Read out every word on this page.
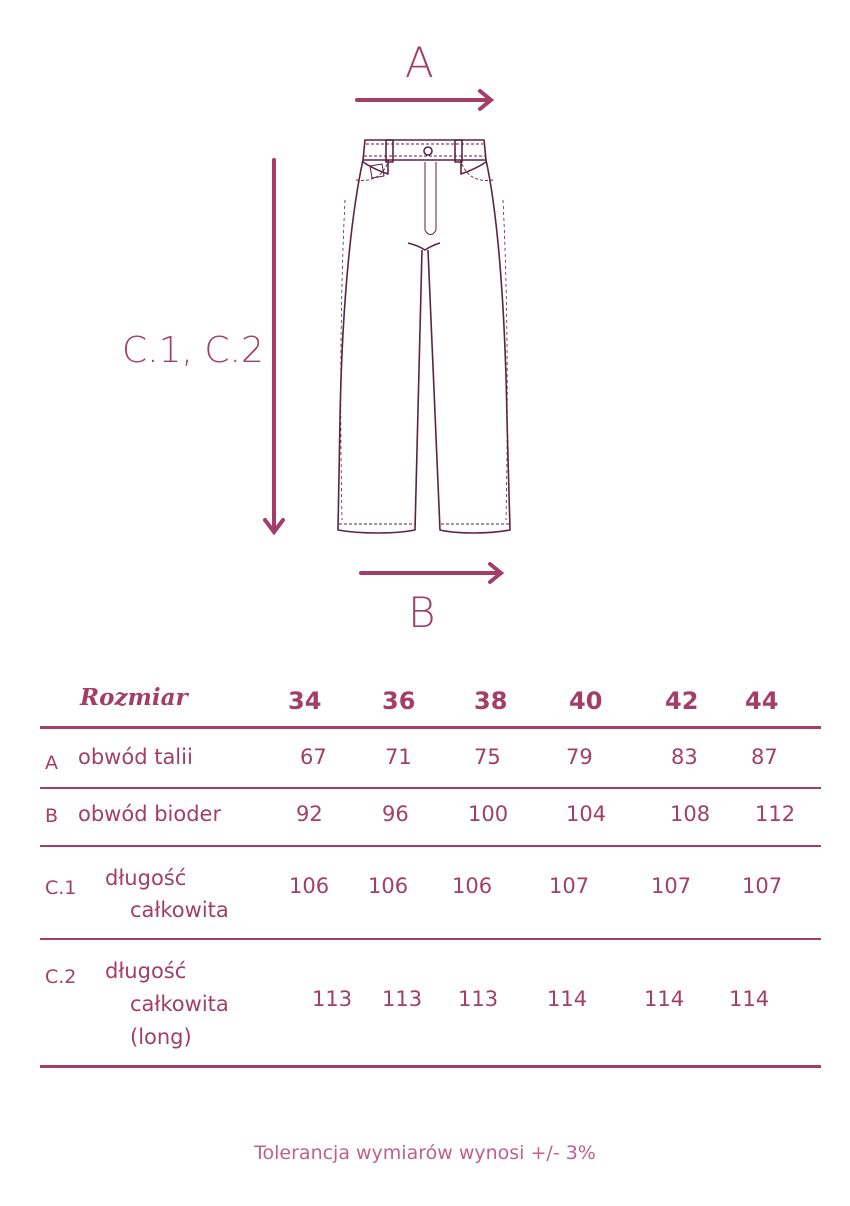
A
B
C.1, C.2
Rozmiar	34	36 38	40	42 44
A obwód talii	67	71	75	79	83	87
B obwód bioder	92	96	100	104	108 112
C.1 długość
całkowita
106 106 106	107	107 107
C.2 długość
całkowita
(long)
113 113 113 114	114 114
Tolerancja wymiarów wynosi +/- 3%
